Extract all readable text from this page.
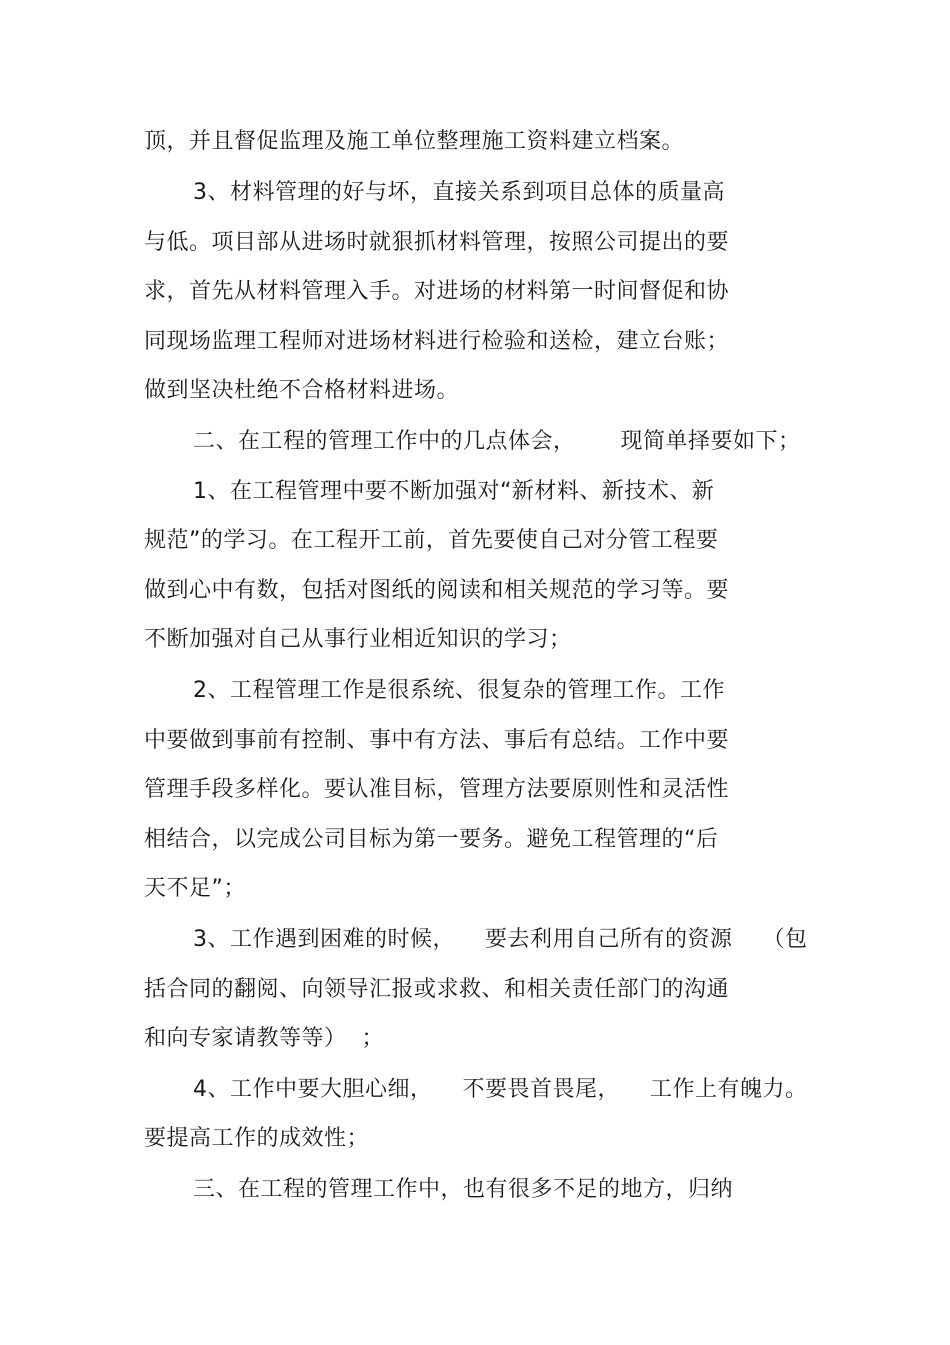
顶，并且督促监理及施工单位整理施工资料建立档案。
3、材料管理的好与坏，直接关系到项目总体的质量高
与低。项目部从进场时就狠抓材料管理，按照公司提出的要
求，首先从材料管理入手。对进场的材料第一时间督促和协
同现场监理工程师对进场材料进行检验和送检，建立台账；
做到坚决杜绝不合格材料进场。
二、在工程的管理工作中的几点体会，      现简单择要如下；
1、在工程管理中要不断加强对“新材料、新技术、新
规范”的学习。在工程开工前，首先要使自己对分管工程要
做到心中有数，包括对图纸的阅读和相关规范的学习等。要
不断加强对自己从事行业相近知识的学习；
2、工程管理工作是很系统、很复杂的管理工作。工作
中要做到事前有控制、事中有方法、事后有总结。工作中要
管理手段多样化。要认准目标，管理方法要原则性和灵活性
相结合，以完成公司目标为第一要务。避免工程管理的“后
天不足”；
3、工作遇到困难的时候，    要去利用自己所有的资源    （包
括合同的翻阅、向领导汇报或求救、和相关责任部门的沟通
和向专家请教等等）  ；
4、工作中要大胆心细，    不要畏首畏尾，    工作上有魄力。
要提高工作的成效性；
三、在工程的管理工作中，也有很多不足的地方，归纳
